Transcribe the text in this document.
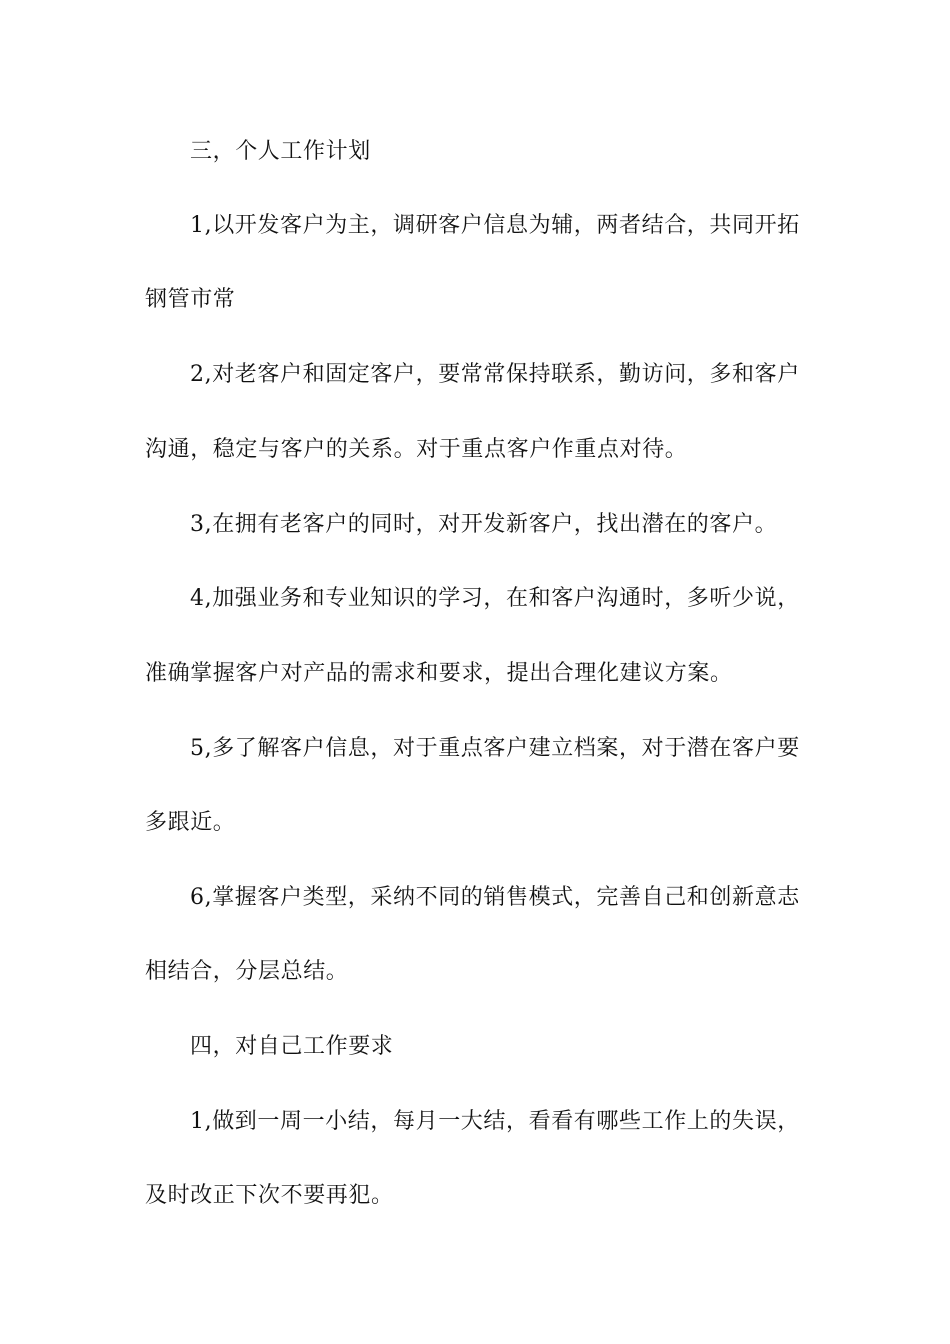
三，个人工作计划
1,以开发客户为主，调研客户信息为辅，两者结合，共同开拓
钢管市常
2,对老客户和固定客户，要常常保持联系，勤访问，多和客户
沟通，稳定与客户的关系。对于重点客户作重点对待。
3,在拥有老客户的同时，对开发新客户，找出潜在的客户。
4,加强业务和专业知识的学习，在和客户沟通时，多听少说，
准确掌握客户对产品的需求和要求，提出合理化建议方案。
5,多了解客户信息，对于重点客户建立档案，对于潜在客户要
多跟近。
6,掌握客户类型，采纳不同的销售模式，完善自己和创新意志
相结合，分层总结。
四，对自己工作要求
1,做到一周一小结，每月一大结，看看有哪些工作上的失误，
及时改正下次不要再犯。
